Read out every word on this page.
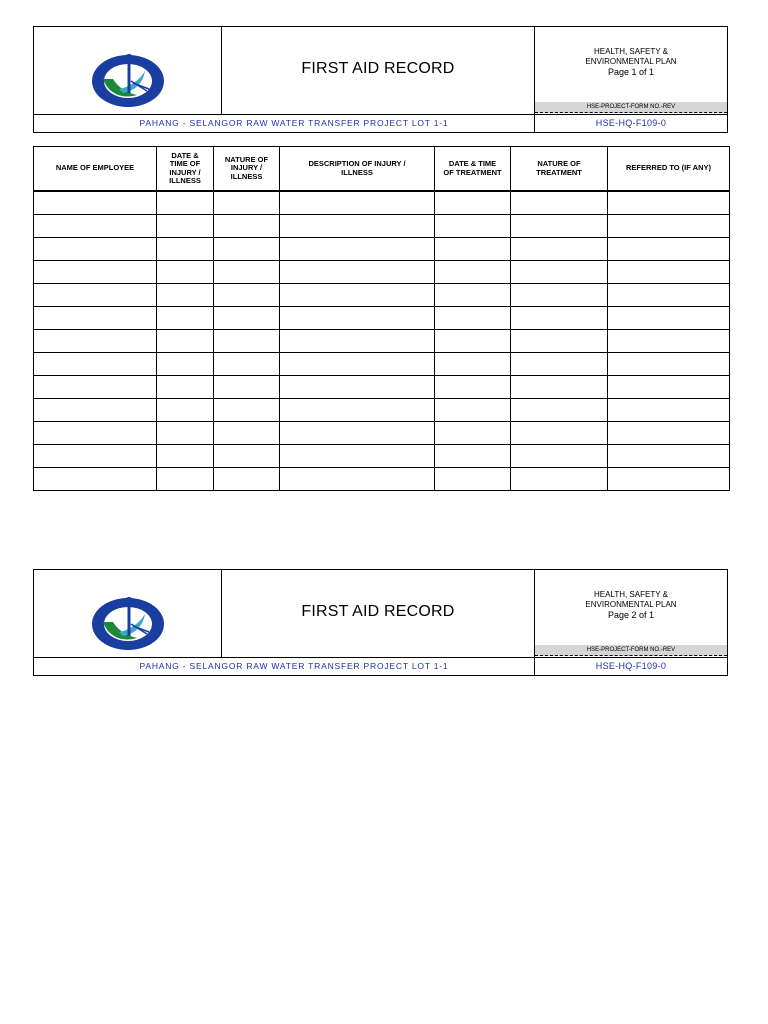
FIRST AID RECORD
HEALTH, SAFETY &
ENVIRONMENTAL PLAN
Page 1 of 1
HSE-PROJECT-FORM NO.-REV
PAHANG - SELANGOR RAW WATER TRANSFER PROJECT LOT 1-1	HSE-HQ-F109-0
NAME OF EMPLOYEE	DATE &
TIME OF
INJURY /
ILLNESS	NATURE OF
INJURY /
ILLNESS	DESCRIPTION OF INJURY /
ILLNESS	DATE & TIME
OF TREATMENT	NATURE OF
TREATMENT	REFERRED TO (IF ANY)

FIRST AID RECORD
HEALTH, SAFETY &
ENVIRONMENTAL PLAN
Page 2 of 1
HSE-PROJECT-FORM NO.-REV
PAHANG - SELANGOR RAW WATER TRANSFER PROJECT LOT 1-1	HSE-HQ-F109-0
